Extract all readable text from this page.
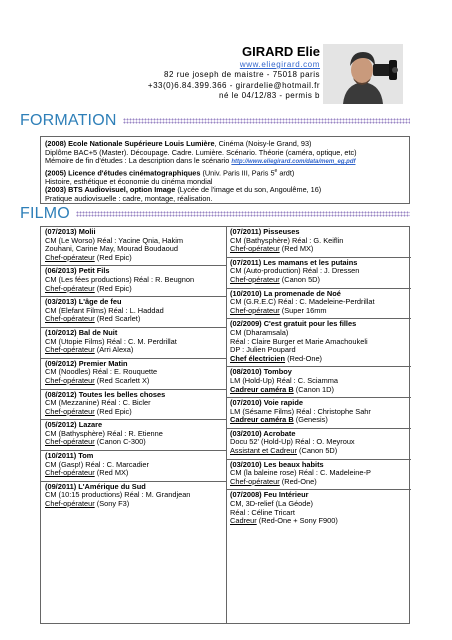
GIRARD Elie
www.eliegirard.com
82 rue joseph de maistre - 75018 paris
+33(0)6.84.399.366 - girardelie@hotmail.fr
né le 04/12/83 - permis b
FORMATION
(2008) Ecole Nationale Supérieure Louis Lumière, Cinéma (Noisy-le Grand, 93)
Diplôme BAC+5 (Master). Découpage. Cadre. Lumière. Scénario. Théorie (caméra, optique, etc)
Mémoire de fin d'études : La description dans le scénario http://www.eliegirard.com/data/mem_eg.pdf
(2005) Licence d'études cinématographiques (Univ. Paris III, Paris 5e ardt)
Histoire, esthétique et économie du cinéma mondial
(2003) BTS Audiovisuel, option Image (Lycée de l'image et du son, Angoulême, 16)
Pratique audiovisuelle : cadre, montage, réalisation.
FILMO
(07/2013) Molii
CM (Le Worso) Réal : Yacine Qnia, Hakim
Zouhani, Carine May, Mourad Boudaoud
Chef-opérateur (Red Epic)
(06/2013) Petit Fils
CM (Les fées productions) Réal : R. Beugnon
Chef-opérateur (Red Epic)
(03/2013) L'âge de feu
CM (Elefant Films) Réal : L. Haddad
Chef-opérateur (Red Scarlet)
(10/2012) Bal de Nuit
CM (Utopie Films) Réal : C. M. Perdrillat
Chef-opérateur (Arri Alexa)
(09/2012) Premier Matin
CM (Noodles) Réal : E. Rouquette
Chef-opérateur (Red Scarlett X)
(08/2012) Toutes les belles choses
CM (Mezzanine) Réal : C. Bicler
Chef-opérateur (Red Epic)
(05/2012) Lazare
CM (Bathysphère) Réal : R. Etienne
Chef-opérateur (Canon C-300)
(10/2011) Tom
CM (Gasp!) Réal : C. Marcadier
Chef-opérateur (Red MX)
(09/2011) L'Amérique du Sud
CM (10:15 productions) Réal : M. Grandjean
Chef-opérateur (Sony F3)
(07/2011) Pisseuses
CM (Bathysphère) Réal : G. Keiflin
Chef-opérateur (Red MX)
(07/2011) Les mamans et les putains
CM (Auto-production) Réal : J. Dressen
Chef-opérateur (Canon 5D)
(10/2010) La promenade de Noé
CM (G.R.E.C) Réal : C. Madeleine-Perdrillat
Chef-opérateur (Super 16mm
(02/2009) C'est gratuit pour les filles
CM (Dharamsala)
Réal : Claire Burger et Marie Amachoukeli
DP : Julien Poupard
Chef électricien (Red-One)
(08/2010) Tomboy
LM (Hold-Up) Réal : C. Sciamma
Cadreur caméra B (Canon 1D)
(07/2010) Voie rapide
LM (Sésame Films) Réal : Christophe Sahr
Cadreur caméra B (Genesis)
(03/2010) Acrobate
Docu 52' (Hold-Up) Réal : O. Meyroux
Assistant et Cadreur (Canon 5D)
(03/2010) Les beaux habits
CM (la baleine rose) Réal : C. Madeleine-P
Chef-opérateur (Red-One)
(07/2008) Feu Intérieur
CM, 3D-relief (La Géode)
Réal : Céline Tricart
Cadreur (Red-One + Sony F900)
